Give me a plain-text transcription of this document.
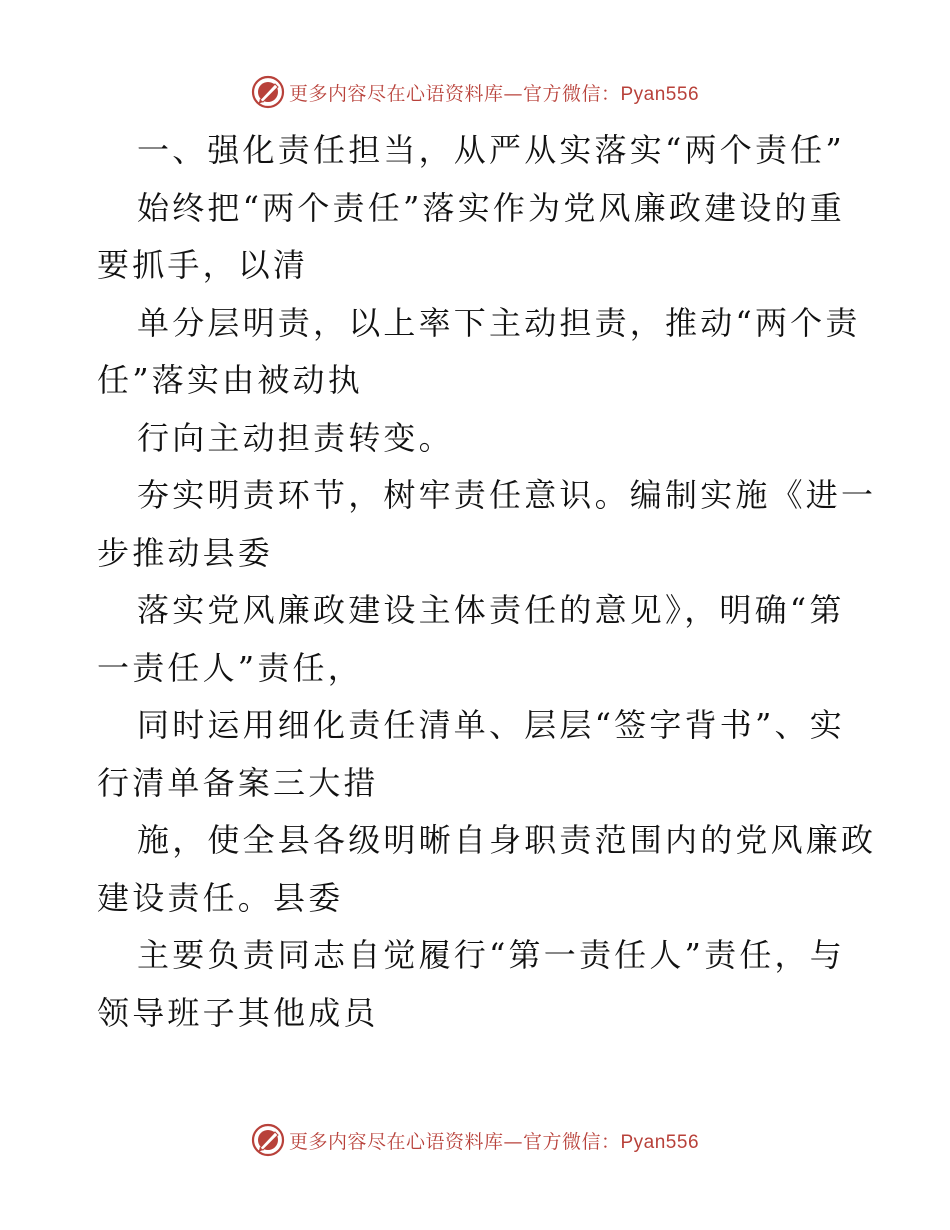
更多内容尽在心语资料库—官方微信：Pyan556
一、强化责任担当，从严从实落实“两个责任”
始终把“两个责任”落实作为党风廉政建设的重
要抓手，以清
单分层明责，以上率下主动担责，推动“两个责
任”落实由被动执
行向主动担责转变。
夯实明责环节，树牢责任意识。编制实施《进一
步推动县委
落实党风廉政建设主体责任的意见》，明确“第
一责任人”责任，
同时运用细化责任清单、层层“签字背书”、实
行清单备案三大措
施，使全县各级明晰自身职责范围内的党风廉政
建设责任。县委
主要负责同志自觉履行“第一责任人”责任，与
领导班子其他成员
更多内容尽在心语资料库—官方微信：Pyan556
